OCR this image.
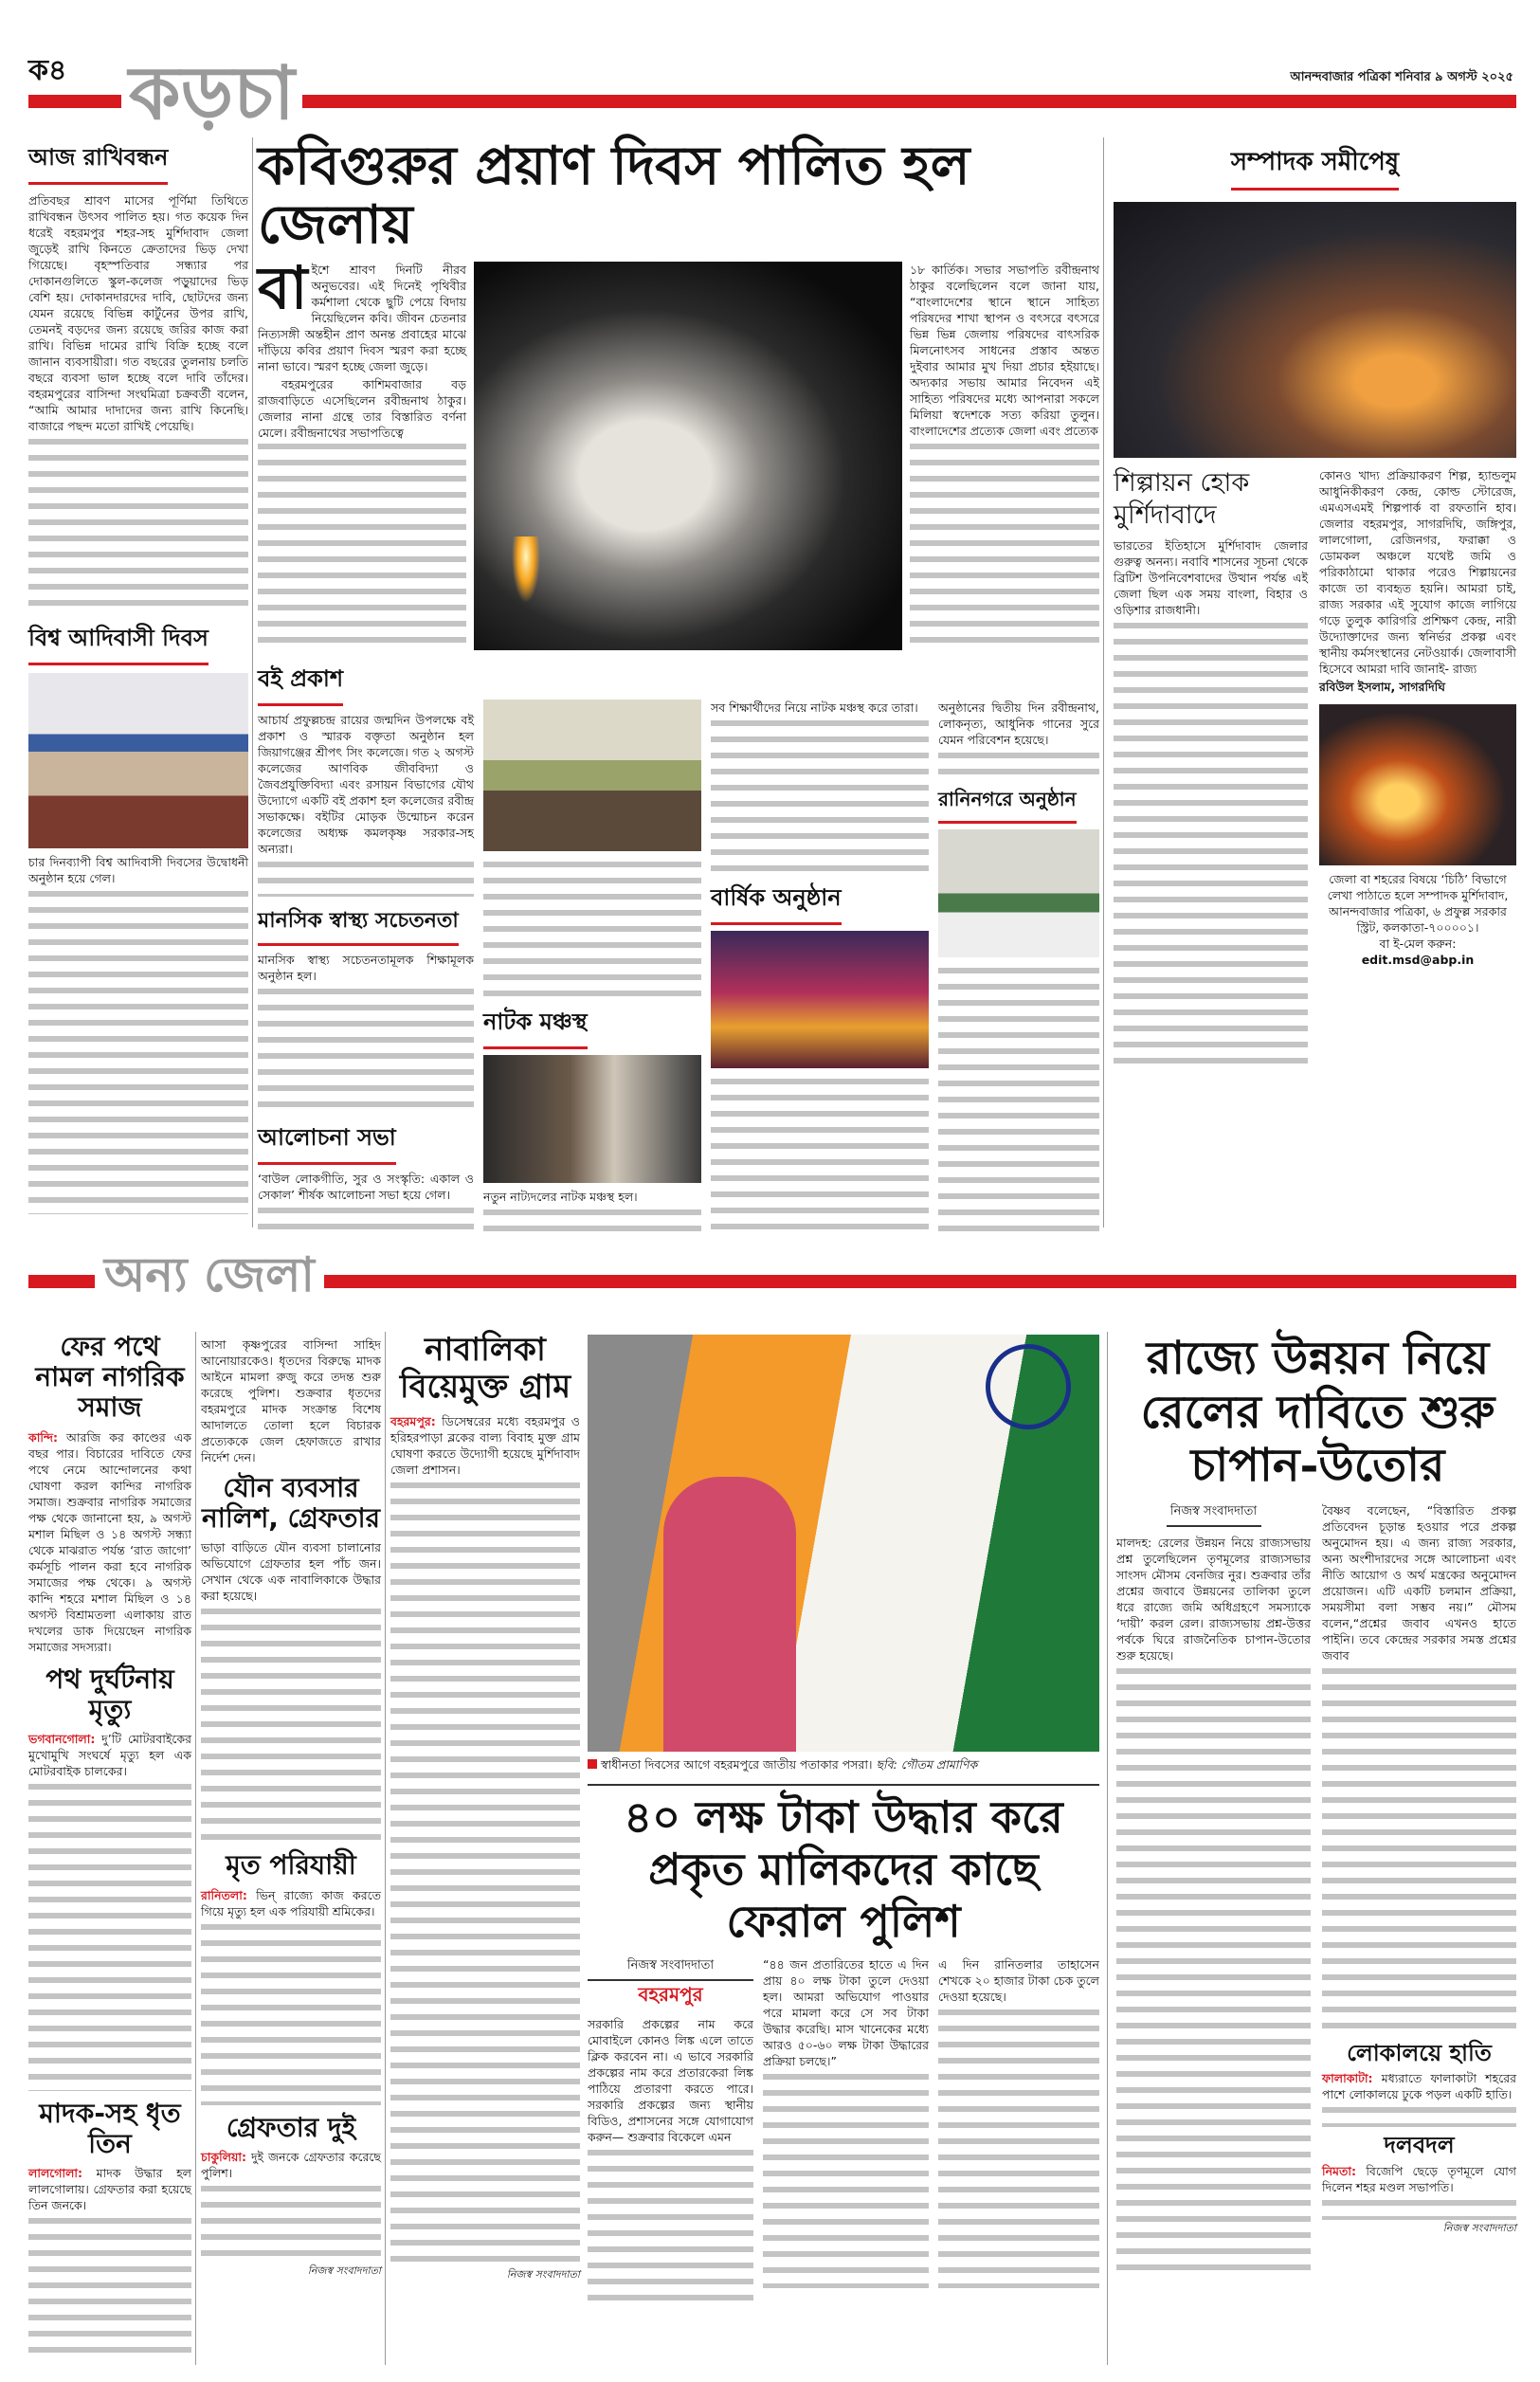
ক৪ কড়চা	আনন্দবাজার পত্রিকা শনিবার ৯ অগস্ট ২০২৫
আজ রাখিবন্ধন

প্রতিবছর শ্রাবণ মাসের পূর্ণিমা তিথিতে রাখিবন্ধন উৎসব পালিত হয়। গত কয়েক দিন ধরেই বহরমপুর শহর-সহ মুর্শিদাবাদ জেলা জুড়েই রাখি কিনতে ক্রেতাদের ভিড় দেখা গিয়েছে। বৃহস্পতিবার সন্ধ্যার পর দোকানগুলিতে স্কুল-কলেজ পড়ুয়াদের ভিড় বেশি হয়। দোকানদারদের দাবি, ছোটদের জন্য যেমন রয়েছে বিভিন্ন কার্টুনের উপর রাখি, তেমনই বড়দের জন্য রয়েছে জরির কাজ করা রাখি। বিভিন্ন দামের রাখি বিক্রি হচ্ছে বলে জানান ব্যবসায়ীরা। গত বছরের তুলনায় চলতি বছরে ব্যবসা ভাল হচ্ছে বলে দাবি তাঁদের। বহরমপুরের বাসিন্দা সংঘমিত্রা চক্রবর্তী বলেন, “আমি আমার দাদাদের জন্য রাখি কিনেছি। বাজারে পছন্দ মতো রাখিই পেয়েছি।

বিশ্ব আদিবাসী দিবস

চার দিনব্যাপী বিশ্ব আদিবাসী দিবসের উদ্বোধনী অনুষ্ঠান হয়ে গেল।

কবিগুরুর প্রয়াণ দিবস পালিত হল জেলায়

বাইশে শ্রাবণ দিনটি নীরব অনুভবের। এই দিনেই পৃথিবীর কর্মশালা থেকে ছুটি পেয়ে বিদায় নিয়েছিলেন কবি। জীবন চেতনার নিত্যসঙ্গী অন্তহীন প্রাণ অনন্ত প্রবাহের মাঝে দাঁড়িয়ে কবির প্রয়াণ দিবস স্মরণ করা হচ্ছে নানা ভাবে। স্মরণ হচ্ছে জেলা জুড়ে।

বহরমপুরের কাশিমবাজার বড় রাজবাড়িতে এসেছিলেন রবীন্দ্রনাথ ঠাকুর। জেলার নানা গ্রন্থে তার বিস্তারিত বর্ণনা মেলে। রবীন্দ্রনাথের সভাপতিত্বে

১৮ কার্তিক। সভার সভাপতি রবীন্দ্রনাথ ঠাকুর বলেছিলেন বলে জানা যায়, “বাংলাদেশের স্থানে স্থানে সাহিত্য পরিষদের শাখা স্থাপন ও বৎসরে বৎসরে ভিন্ন ভিন্ন জেলায় পরিষদের বাৎসরিক মিলনোৎসব সাধনের প্রস্তাব অন্তত দুইবার আমার মুখ দিয়া প্রচার হইয়াছে। অদ্যকার সভায় আমার নিবেদন এই সাহিত্য পরিষদের মধ্যে আপনারা সকলে মিলিয়া স্বদেশকে সত্য করিয়া তুলুন। বাংলাদেশের প্রত্যেক জেলা এবং প্রত্যেক

বই প্রকাশ

আচার্য প্রফুল্লচন্দ্র রায়ের জন্মদিন উপলক্ষে বই প্রকাশ ও স্মারক বক্তৃতা অনুষ্ঠান হল জিয়াগঞ্জের শ্রীপৎ সিং কলেজে। গত ২ অগস্ট কলেজের আণবিক জীববিদ্যা ও জৈবপ্রযুক্তিবিদ্যা এবং রসায়ন বিভাগের যৌথ উদ্যোগে একটি বই প্রকাশ হল কলেজের রবীন্দ্র সভাকক্ষে। বইটির মোড়ক উন্মোচন করেন কলেজের অধ্যক্ষ কমলকৃষ্ণ সরকার-সহ অন্যরা।

মানসিক স্বাস্থ্য সচেতনতা

মানসিক স্বাস্থ্য সচেতনতামূলক শিক্ষামূলক অনুষ্ঠান হল।

আলোচনা সভা

‘বাউল লোকগীতি, সুর ও সংস্কৃতি: একাল ও সেকাল’ শীর্ষক আলোচনা সভা হয়ে গেল।

নাটক মঞ্চস্থ

নতুন নাট্যদলের নাটক মঞ্চস্থ হল।

সব শিক্ষার্থীদের নিয়ে নাটক মঞ্চস্থ করে তারা।

বার্ষিক অনুষ্ঠান

অনুষ্ঠানের দ্বিতীয় দিন রবীন্দ্রনাথ, লোকনৃত্য, আধুনিক গানের সুরে যেমন পরিবেশন হয়েছে।

রানিনগরে অনুষ্ঠান
সম্পাদক সমীপেষু
শিল্পায়ন হোক মুর্শিদাবাদে

ভারতের ইতিহাসে মুর্শিদাবাদ জেলার গুরুত্ব অনন্য। নবাবি শাসনের সূচনা থেকে ব্রিটিশ উপনিবেশবাদের উত্থান পর্যন্ত এই জেলা ছিল এক সময় বাংলা, বিহার ও ওড়িশার রাজধানী।

কোনও খাদ্য প্রক্রিয়াকরণ শিল্প, হ্যান্ডলুম আধুনিকীকরণ কেন্দ্র, কোল্ড স্টোরেজ, এমএসএমই শিল্পপার্ক বা রফতানি হাব। জেলার বহরমপুর, সাগরদিঘি, জঙ্গিপুর, লালগোলা, রেজিনগর, ফরাক্কা ও ডোমকল অঞ্চলে যথেষ্ট জমি ও পরিকাঠামো থাকার পরেও শিল্পায়নের কাজে তা ব্যবহৃত হয়নি। আমরা চাই, রাজ্য সরকার এই সুযোগ কাজে লাগিয়ে গড়ে তুলুক কারিগরি প্রশিক্ষণ কেন্দ্র, নারী উদ্যোক্তাদের জন্য স্বনির্ভর প্রকল্প এবং স্থানীয় কর্মসংস্থানের নেটওয়ার্ক। জেলাবাসী হিসেবে আমরা দাবি জানাই- রাজ্য

রবিউল ইসলাম, সাগরদিঘি

জেলা বা শহরের বিষয়ে ‘চিঠি’ বিভাগে লেখা পাঠাতে হলে সম্পাদক মুর্শিদাবাদ, আনন্দবাজার পত্রিকা, ৬ প্রফুল্ল সরকার স্ট্রিট, কলকাতা-৭০০০০১।
বা ই-মেল করুন:
edit.msd@abp.in
অন্য জেলা
ফের পথে নামল নাগরিক সমাজ

কান্দি: আরজি কর কাণ্ডের এক বছর পার। বিচারের দাবিতে ফের পথে নেমে আন্দোলনের কথা ঘোষণা করল কান্দির নাগরিক সমাজ। শুক্রবার নাগরিক সমাজের পক্ষ থেকে জানানো হয়, ৯ অগস্ট মশাল মিছিল ও ১৪ অগস্ট সন্ধ্যা থেকে মাঝরাত পর্যন্ত ‘রাত জাগো’ কর্মসূচি পালন করা হবে নাগরিক সমাজের পক্ষ থেকে। ৯ অগস্ট কান্দি শহরে মশাল মিছিল ও ১৪ অগস্ট বিশ্রামতলা এলাকায় রাত দখলের ডাক দিয়েছেন নাগরিক সমাজের সদস্যরা।

পথ দুর্ঘটনায় মৃত্যু

ভগবানগোলা: দু’টি মোটরবাইকের মুখোমুখি সংঘর্ষে মৃত্যু হল এক মোটরবাইক চালকের।

মাদক-সহ ধৃত তিন

লালগোলা: মাদক উদ্ধার হল লালগোলায়। গ্রেফতার করা হয়েছে তিন জনকে।

আসা কৃষ্ণপুরের বাসিন্দা সাহিদ আনোয়ারকেও। ধৃতদের বিরুদ্ধে মাদক আইনে মামলা রুজু করে তদন্ত শুরু করেছে পুলিশ। শুক্রবার ধৃতদের বহরমপুরে মাদক সংক্রান্ত বিশেষ আদালতে তোলা হলে বিচারক প্রত্যেককে জেল হেফাজতে রাখার নির্দেশ দেন।

যৌন ব্যবসার নালিশ, গ্রেফতার

ভাড়া বাড়িতে যৌন ব্যবসা চালানোর অভিযোগে গ্রেফতার হল পাঁচ জন। সেখান থেকে এক নাবালিকাকে উদ্ধার করা হয়েছে।

মৃত পরিযায়ী

রানিতলা: ভিন্ রাজ্যে কাজ করতে গিয়ে মৃত্যু হল এক পরিযায়ী শ্রমিকের।

গ্রেফতার দুই

চাকুলিয়া: দুই জনকে গ্রেফতার করেছে পুলিশ।

নিজস্ব সংবাদদাতা
নাবালিকা বিয়েমুক্ত গ্রাম

বহরমপুর: ডিসেম্বরের মধ্যে বহরমপুর ও হরিহরপাড়া ব্লকের বাল্য বিবাহ মুক্ত গ্রাম ঘোষণা করতে উদ্যোগী হয়েছে মুর্শিদাবাদ জেলা প্রশাসন।

নিজস্ব সংবাদদাতা
স্বাধীনতা দিবসের আগে বহরমপুরে জাতীয় পতাকার পসরা। ছবি: গৌতম প্রামাণিক
৪০ লক্ষ টাকা উদ্ধার করে প্রকৃত মালিকদের কাছে ফেরাল পুলিশ
নিজস্ব সংবাদদাতা
বহরমপুর

সরকারি প্রকল্পের নাম করে মোবাইলে কোনও লিঙ্ক এলে তাতে ক্লিক করবেন না। এ ভাবে সরকারি প্রকল্পের নাম করে প্রতারকেরা লিঙ্ক পাঠিয়ে প্রতারণা করতে পারে। সরকারি প্রকল্পের জন্য স্থানীয় বিডিও, প্রশাসনের সঙ্গে যোগাযোগ করুন— শুক্রবার বিকেলে এমন

“৪৪ জন প্রতারিতের হাতে এ দিন প্রায় ৪০ লক্ষ টাকা তুলে দেওয়া হল। আমরা অভিযোগ পাওয়ার পরে মামলা করে সে সব টাকা উদ্ধার করেছি। মাস খানেকের মধ্যে আরও ৫০-৬০ লক্ষ টাকা উদ্ধারের প্রক্রিয়া চলছে।”

এ দিন রানিতলার তাহাসেন শেখকে ২০ হাজার টাকা চেক তুলে দেওয়া হয়েছে।

রাজ্যে উন্নয়ন নিয়ে রেলের দাবিতে শুরু চাপান-উতোর
নিজস্ব সংবাদদাতা

মালদহ: রেলের উন্নয়ন নিয়ে রাজ্যসভায় প্রশ্ন তুলেছিলেন তৃণমূলের রাজ্যসভার সাংসদ মৌসম বেনজির নুর। শুক্রবার তাঁর প্রশ্নের জবাবে উন্নয়নের তালিকা তুলে ধরে রাজ্যে জমি অধিগ্রহণে সমস্যাকে ‘দায়ী’ করল রেল। রাজ্যসভায় প্রশ্ন-উত্তর পর্বকে ঘিরে রাজনৈতিক চাপান-উতোর শুরু হয়েছে।

বৈষ্ণব বলেছেন, “বিস্তারিত প্রকল্প প্রতিবেদন চূড়ান্ত হওয়ার পরে প্রকল্প অনুমোদন হয়। এ জন্য রাজ্য সরকার, অন্য অংশীদারদের সঙ্গে আলোচনা এবং নীতি আয়োগ ও অর্থ মন্ত্রকের অনুমোদন প্রয়োজন। এটি একটি চলমান প্রক্রিয়া, সময়সীমা বলা সম্ভব নয়।” মৌসম বলেন,“প্রশ্নের জবাব এখনও হাতে পাইনি। তবে কেন্দ্রের সরকার সমস্ত প্রশ্নের জবাব

লোকালয়ে হাতি

ফালাকাটা: মধ্যরাতে ফালাকাটা শহরের পাশে লোকালয়ে ঢুকে পড়ল একটি হাতি।

দলবদল

নিমতা: বিজেপি ছেড়ে তৃণমূলে যোগ দিলেন শহর মণ্ডল সভাপতি।

নিজস্ব সংবাদদাতা
